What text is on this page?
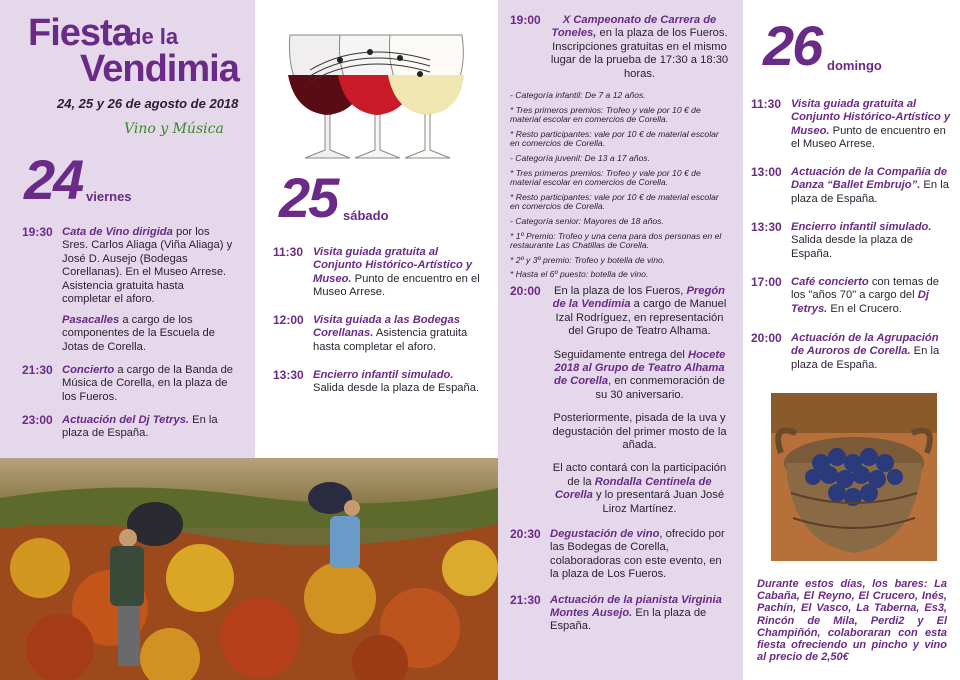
Fiesta
de la
Vendimia
24, 25 y 26 de agosto de 2018
Vino y Música
24 viernes
19:30 Cata de Vino dirigida por los Sres. Carlos Aliaga (Viña Aliaga) y José D. Ausejo (Bodegas Corellanas). En el Museo Arrese. Asistencia gratuita hasta completar el aforo.
Pasacalles a cargo de los componentes de la Escuela de Jotas de Corella.
21:30 Concierto a cargo de la Banda de Música de Corella, en la plaza de los Fueros.
23:00 Actuación del Dj Tetrys. En la plaza de España.
25 sábado
11:30 Visita guiada gratuita al Conjunto Histórico-Artístico y Museo. Punto de encuentro en el Museo Arrese.
12:00 Visita guiada a las Bodegas Corellanas. Asistencia gratuita hasta completar el aforo.
13:30 Encierro infantil simulado. Salida desde la plaza de España.
19:00	X Campeonato de Carrera de Toneles, en la plaza de los Fueros. Inscripciones gratuitas en el mismo lugar de la prueba de 17:30 a 18:30 horas.

- Categoría infantil: De 7 a 12 años.

* Tres primeros premios: Trofeo y vale por 10 € de material escolar en comercios de Corella.

* Resto participantes: vale por 10 € de material escolar en comercios de Corella.

- Categoría juvenil: De 13 a 17 años.

* Tres primeros premios: Trofeo y vale por 10 € de material escolar en comercios de Corella.

* Resto participantes: vale por 10 € de material escolar en comercios de Corella.

- Categoría senior: Mayores de 18 años.

* 1º Premio: Trofeo y una cena para dos personas en el restaurante Las Chatillas de Corella.

* 2º y 3º premio: Trofeo y botella de vino.

* Hasta el 6º puesto: botella de vino.

20:00	En la plaza de los Fueros, Pregón de la Vendimia a cargo de Manuel Izal Rodríguez, en representación del Grupo de Teatro Alhama.
Seguidamente entrega del Hocete 2018 al Grupo de Teatro Alhama de Corella, en conmemoración de su 30 aniversario.
Posteriormente, pisada de la uva y degustación del primer mosto de la añada.
El acto contará con la participación de la Rondalla Centinela de Corella y lo presentará Juan José Liroz Martínez.
20:30 Degustación de vino, ofrecido por las Bodegas de Corella, colaboradoras con este evento, en la plaza de Los Fueros.
21:30 Actuación de la pianista Virginia Montes Ausejo. En la plaza de España.
26 domingo
11:30 Visita guiada gratuita al Conjunto Histórico-Artístico y Museo. Punto de encuentro en el Museo Arrese.
13:00 Actuación de la Compañía de Danza “Ballet Embrujo”. En la plaza de España.
13:30 Encierro infantil simulado. Salida desde la plaza de España.
17:00 Café concierto con temas de los "años 70" a cargo del Dj Tetrys. En el Crucero.
20:00 Actuación de la Agrupación de Auroros de Corella. En la plaza de España.
Durante estos días, los bares: La Cabaña, El Reyno, El Crucero, Inés, Pachín, El Vasco, La Taberna, Es3, Rincón de Mila, Perdi2 y El Champiñón, colaboraran con esta fiesta ofreciendo un pincho y vino al precio de 2,50€
